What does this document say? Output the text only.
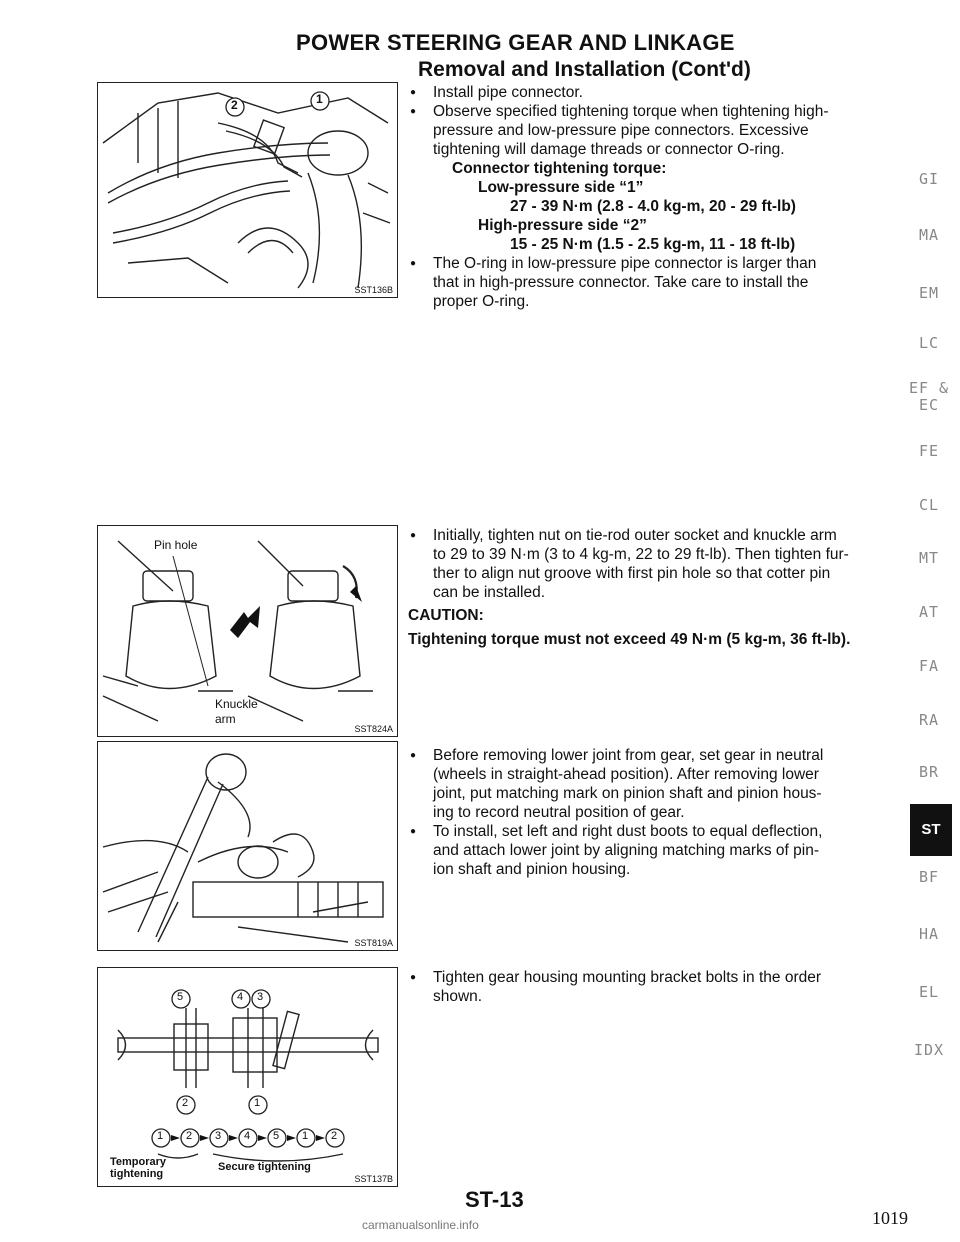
POWER STEERING GEAR AND LINKAGE
Removal and Installation (Cont'd)
2	1
SST136B
Pin hole
Knuckle
arm
SST824A
SST819A
5	4 3
2	1
1 2 3 4 5 1 2
Temporary
tightening
Secure tightening
SST137B
● Install pipe connector.
● Observe specified tightening torque when tightening high-
pressure and low-pressure pipe connectors. Excessive
tightening will damage threads or connector O-ring.
Connector tightening torque:
Low-pressure side “1”
27 - 39 N·m (2.8 - 4.0 kg-m, 20 - 29 ft-lb)
High-pressure side “2”
15 - 25 N·m (1.5 - 2.5 kg-m, 11 - 18 ft-lb)
● The O-ring in low-pressure pipe connector is larger than
that in high-pressure connector. Take care to install the
proper O-ring.
● Initially, tighten nut on tie-rod outer socket and knuckle arm
to 29 to 39 N·m (3 to 4 kg-m, 22 to 29 ft-lb). Then tighten fur-
ther to align nut groove with first pin hole so that cotter pin
can be installed.
CAUTION:
Tightening torque must not exceed 49 N·m (5 kg-m, 36 ft-lb).
● Before removing lower joint from gear, set gear in neutral
(wheels in straight-ahead position). After removing lower
joint, put matching mark on pinion shaft and pinion hous-
ing to record neutral position of gear.
● To install, set left and right dust boots to equal deflection,
and attach lower joint by aligning matching marks of pin-
ion shaft and pinion housing.
● Tighten gear housing mounting bracket bolts in the order
shown.
GI
MA
EM
LC
EF &
EC
FE
CL
MT
AT
FA
RA
BR
ST
BF
HA
EL
IDX
ST-13
1019
carmanualsonline.info
